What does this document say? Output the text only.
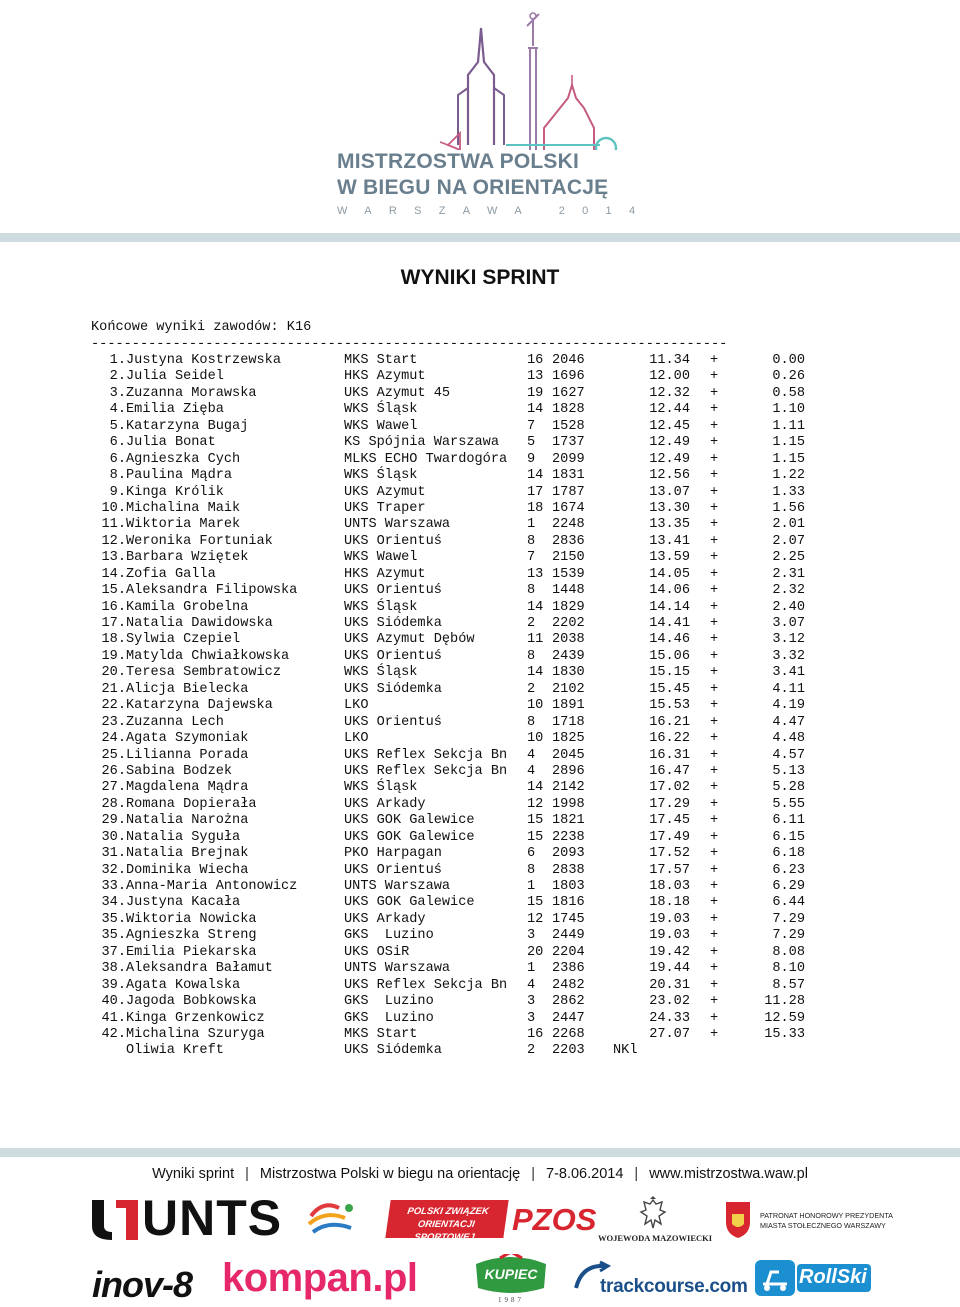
MISTRZOSTWA POLSKI
W BIEGU NA ORIENTACJĘ
WARSZAWA 2014
WYNIKI SPRINT
Końcowe wyniki zawodów: K16
------------------------------------------------------------------------------
1. Justyna Kostrzewska	MKS Start	16 2046	11.34 +	0.00
2. Julia Seidel	HKS Azymut	13 1696	12.00 +	0.26
3. Zuzanna Morawska	UKS Azymut 45	19 1627	12.32 +	0.58
4. Emilia Zięba	WKS Śląsk	14 1828	12.44 +	1.10
5. Katarzyna Bugaj	WKS Wawel	7 1528	12.45 +	1.11
6. Julia Bonat	KS Spójnia Warszawa 5 1737	12.49 +	1.15
6. Agnieszka Cych	MLKS ECHO Twardogóra 9 2099	12.49 +	1.15
8. Paulina Mądra	WKS Śląsk	14 1831	12.56 +	1.22
9. Kinga Królik	UKS Azymut	17 1787	13.07 +	1.33
10. Michalina Maik	UKS Traper	18 1674	13.30 +	1.56
11. Wiktoria Marek	UNTS Warszawa	1 2248	13.35 +	2.01
12. Weronika Fortuniak	UKS Orientuś	8 2836	13.41 +	2.07
13. Barbara Wziętek	WKS Wawel	7 2150	13.59 +	2.25
14. Zofia Galla	HKS Azymut	13 1539	14.05 +	2.31
15. Aleksandra Filipowska	UKS Orientuś	8 1448	14.06 +	2.32
16. Kamila Grobelna	WKS Śląsk	14 1829	14.14 +	2.40
17. Natalia Dawidowska	UKS Siódemka	2 2202	14.41 +	3.07
18. Sylwia Czepiel	UKS Azymut Dębów	11 2038	14.46 +	3.12
19. Matylda Chwiałkowska	UKS Orientuś	8 2439	15.06 +	3.32
20. Teresa Sembratowicz	WKS Śląsk	14 1830	15.15 +	3.41
21. Alicja Bielecka	UKS Siódemka	2 2102	15.45 +	4.11
22. Katarzyna Dajewska	LKO	10 1891	15.53 +	4.19
23. Zuzanna Lech	UKS Orientuś	8 1718	16.21 +	4.47
24. Agata Szymoniak	LKO	10 1825	16.22 +	4.48
25. Lilianna Porada	UKS Reflex Sekcja Bn 4 2045	16.31 +	4.57
26. Sabina Bodzek	UKS Reflex Sekcja Bn 4 2896	16.47 +	5.13
27. Magdalena Mądra	WKS Śląsk	14 2142	17.02 +	5.28
28. Romana Dopierała	UKS Arkady	12 1998	17.29 +	5.55
29. Natalia Narożna	UKS GOK Galewice	15 1821	17.45 +	6.11
30. Natalia Syguła	UKS GOK Galewice	15 2238	17.49 +	6.15
31. Natalia Brejnak	PKO Harpagan	6 2093	17.52 +	6.18
32. Dominika Wiecha	UKS Orientuś	8 2838	17.57 +	6.23
33. Anna-Maria Antonowicz	UNTS Warszawa	1 1803	18.03 +	6.29
34. Justyna Kacała	UKS GOK Galewice	15 1816	18.18 +	6.44
35. Wiktoria Nowicka	UKS Arkady	12 1745	19.03 +	7.29
35. Agnieszka Streng	GKS  Luzino	3 2449	19.03 +	7.29
37. Emilia Piekarska	UKS OSiR	20 2204	19.42 +	8.08
38. Aleksandra Bałamut	UNTS Warszawa	1 2386	19.44 +	8.10
39. Agata Kowalska	UKS Reflex Sekcja Bn 4 2482	20.31 +	8.57
40. Jagoda Bobkowska	GKS  Luzino	3 2862	23.02 +	11.28
41. Kinga Grzenkowicz	GKS  Luzino	3 2447	24.33 +	12.59
42. Michalina Szuryga	MKS Start	16 2268	27.07 +	15.33
Oliwia Kreft	UKS Siódemka	2 2203 NKl
Wyniki sprint | Mistrzostwa Polski w biegu na orientację | 7-8.06.2014 | www.mistrzostwa.waw.pl
UNTS	POLSKI ZWIĄZEK ORIENTACJI SPORTOWEJ
PZOS
WOJEWODA MAZOWIECKI
PATRONAT HONOROWY PREZYDENTA
MIASTA STOŁECZNEGO WARSZAWY
inov-8 kompan.pl	KUPIEC
1987
trackcourse.com	RollSki
